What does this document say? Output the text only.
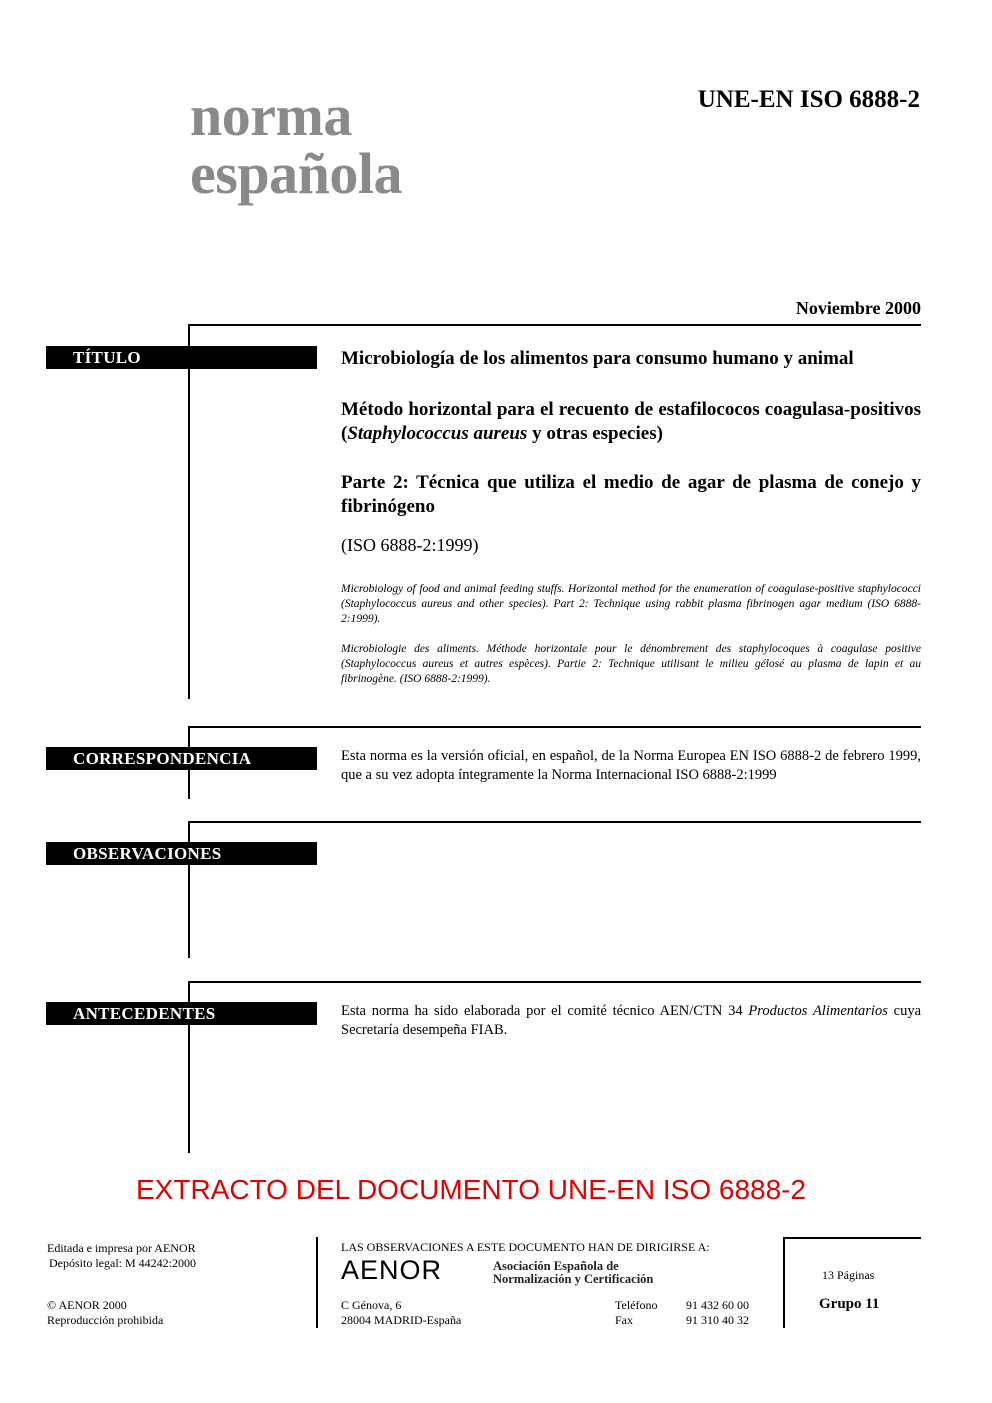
norma
española
UNE-EN ISO 6888-2
Noviembre 2000
TÍTULO	Microbiología de los alimentos para consumo humano y animal
Método horizontal para el recuento de estafilococos coagulasa-positivos (Staphylococcus aureus y otras especies)
Parte 2: Técnica que utiliza el medio de agar de plasma de conejo y fibrinógeno
(ISO 6888-2:1999)
Microbiology of food and animal feeding stuffs. Horizontal method for the enumeration of coagulase-positive staphylococci (Staphylococcus aureus and other species). Part 2: Technique using rabbit plasma fibrinogen agar medium (ISO 6888-2:1999).
Microbiologie des aliments. Méthode horizontale pour le dénombrement des staphylocoques à coagulase positive (Staphylococcus aureus et autres espèces). Partie 2: Technique utilisant le milieu gélosé au plasma de lapin et au fibrinogène. (ISO 6888-2:1999).
CORRESPONDENCIA	Esta norma es la versión oficial, en español, de la Norma Europea EN ISO 6888-2 de febrero 1999, que a su vez adopta íntegramente la Norma Internacional ISO 6888-2:1999
OBSERVACIONES
ANTECEDENTES	Esta norma ha sido elaborada por el comité técnico AEN/CTN 34 Productos Alimentarios cuya Secretaría desempeña FIAB.
EXTRACTO DEL DOCUMENTO UNE-EN ISO 6888-2
Editada e impresa por AENOR
Depósito legal: M 44242:2000
© AENOR 2000
Reproducción prohibida
LAS OBSERVACIONES A ESTE DOCUMENTO HAN DE DIRIGIRSE A:
AENOR	Asociación Española de
Normalización y Certificación
C Génova, 6
28004 MADRID-España
Teléfono 91 432 60 00
Fax	91 310 40 32
13 Páginas
Grupo 11
